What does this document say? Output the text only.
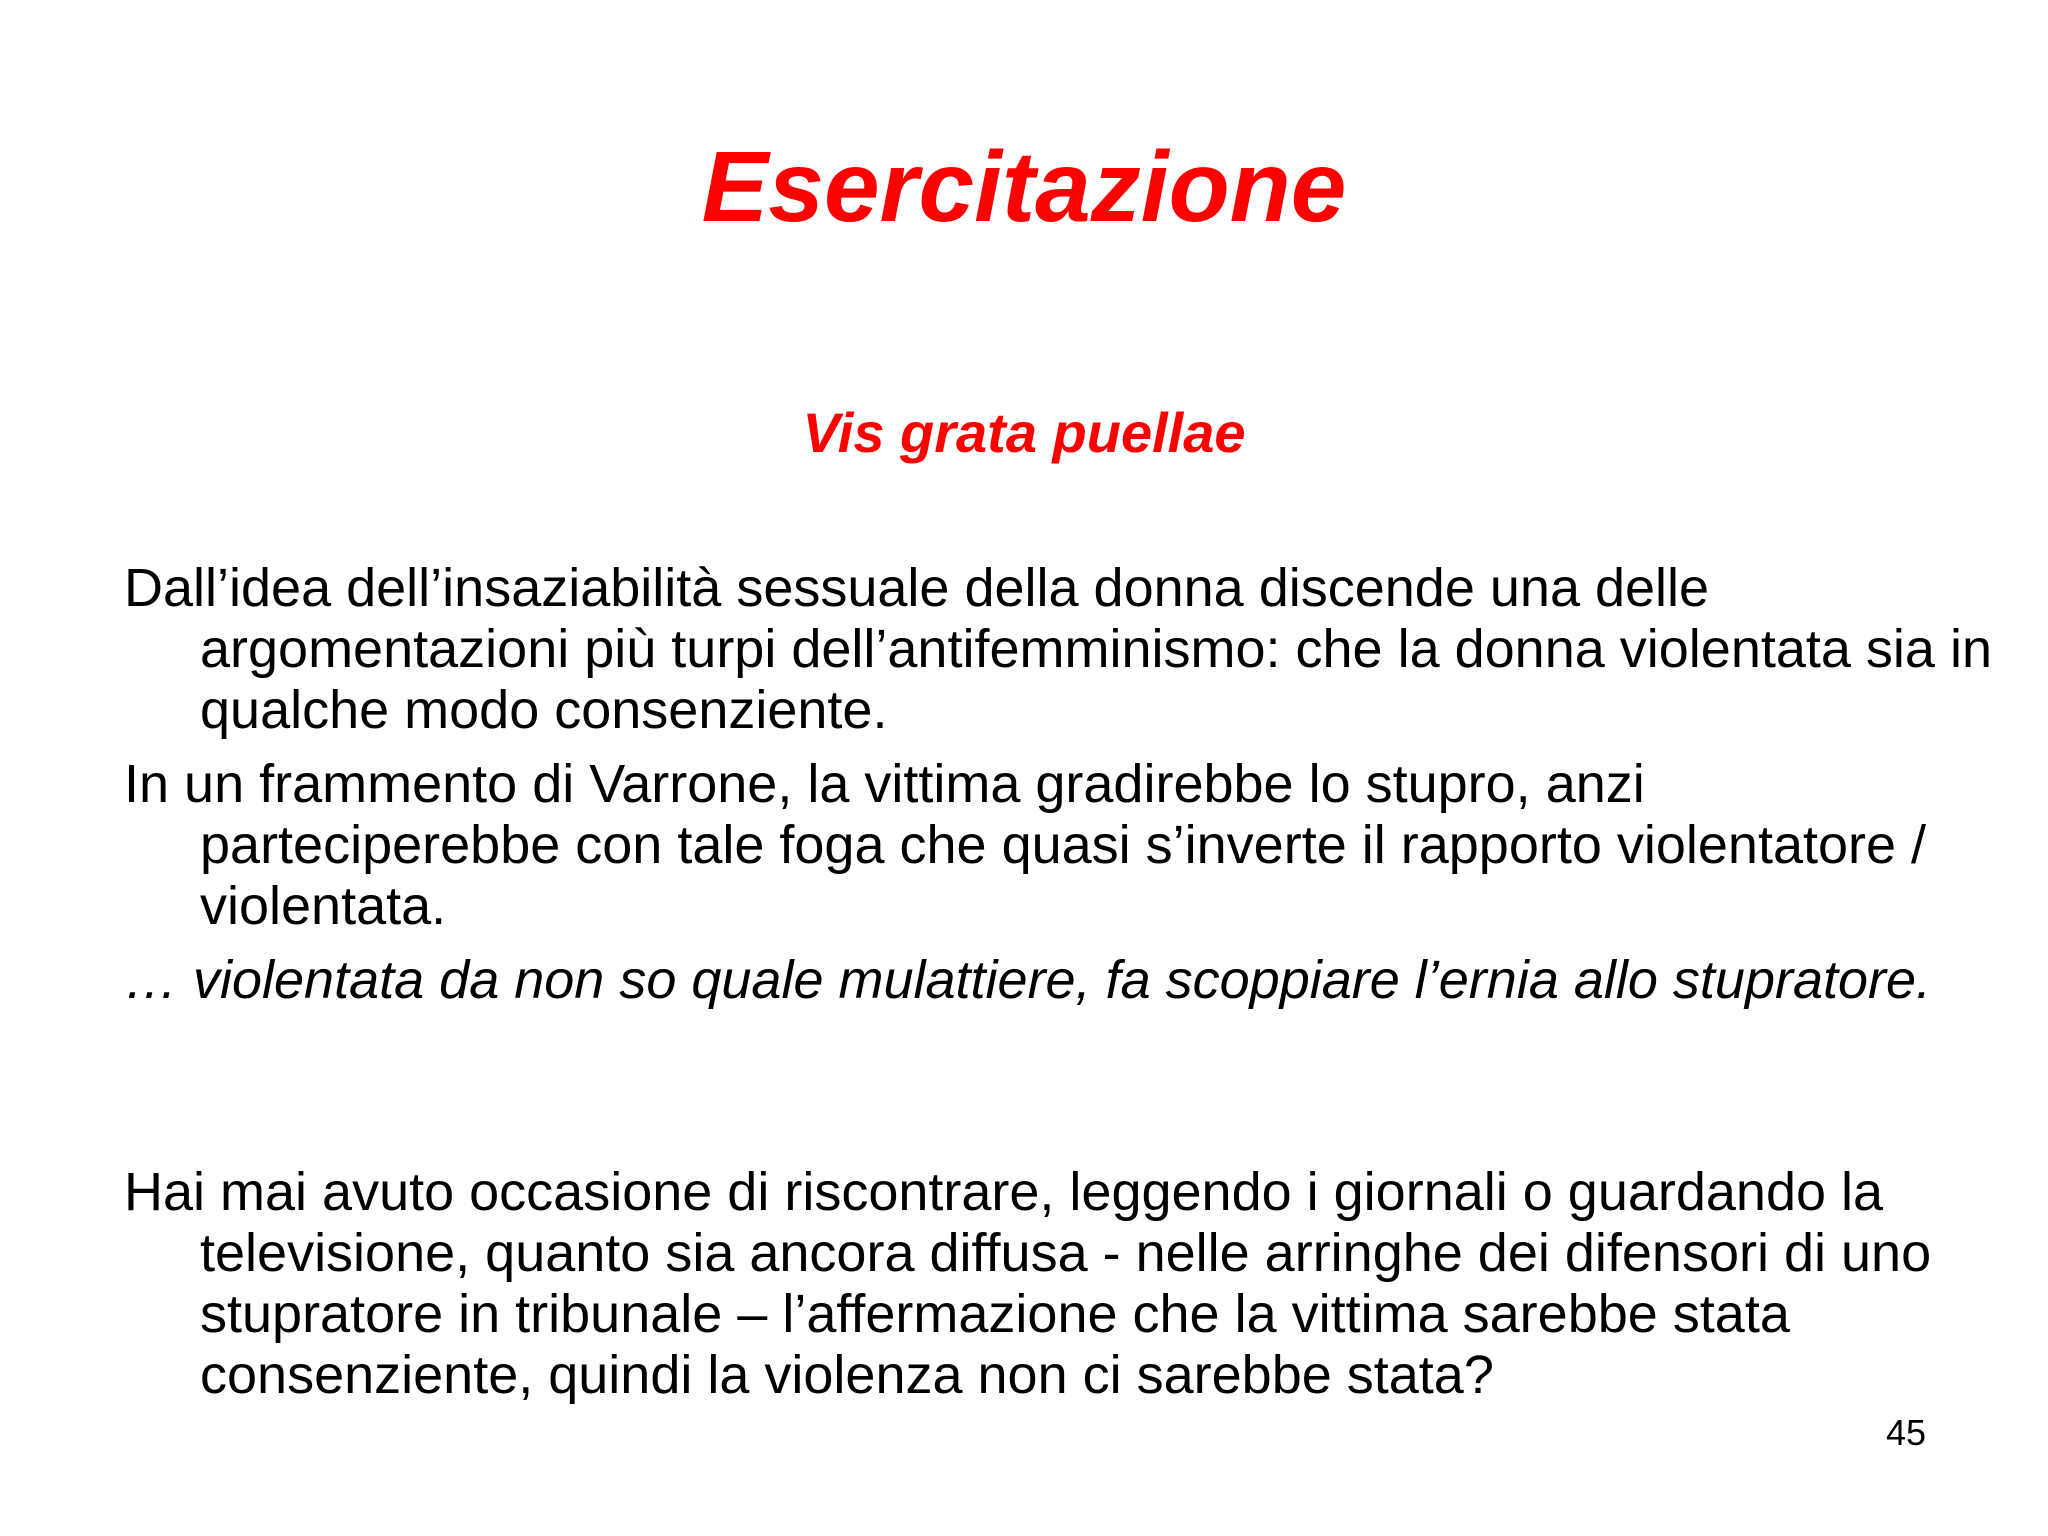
Esercitazione
Vis grata puellae

Dall’idea dell’insaziabilità sessuale della donna discende una delle argomentazioni più turpi dell’antifemminismo: che la donna violentata sia in qualche modo consenziente.

In un frammento di Varrone, la vittima gradirebbe lo stupro, anzi parteciperebbe con tale foga che quasi s’inverte il rapporto violentatore / violentata.

… violentata da non so quale mulattiere, fa scoppiare l’ernia allo stupratore.

Hai mai avuto occasione di riscontrare, leggendo i giornali o guardando la televisione, quanto sia ancora diffusa - nelle arringhe dei difensori di uno stupratore in tribunale – l’affermazione che la vittima sarebbe stata consenziente, quindi la violenza non ci sarebbe stata?

45
